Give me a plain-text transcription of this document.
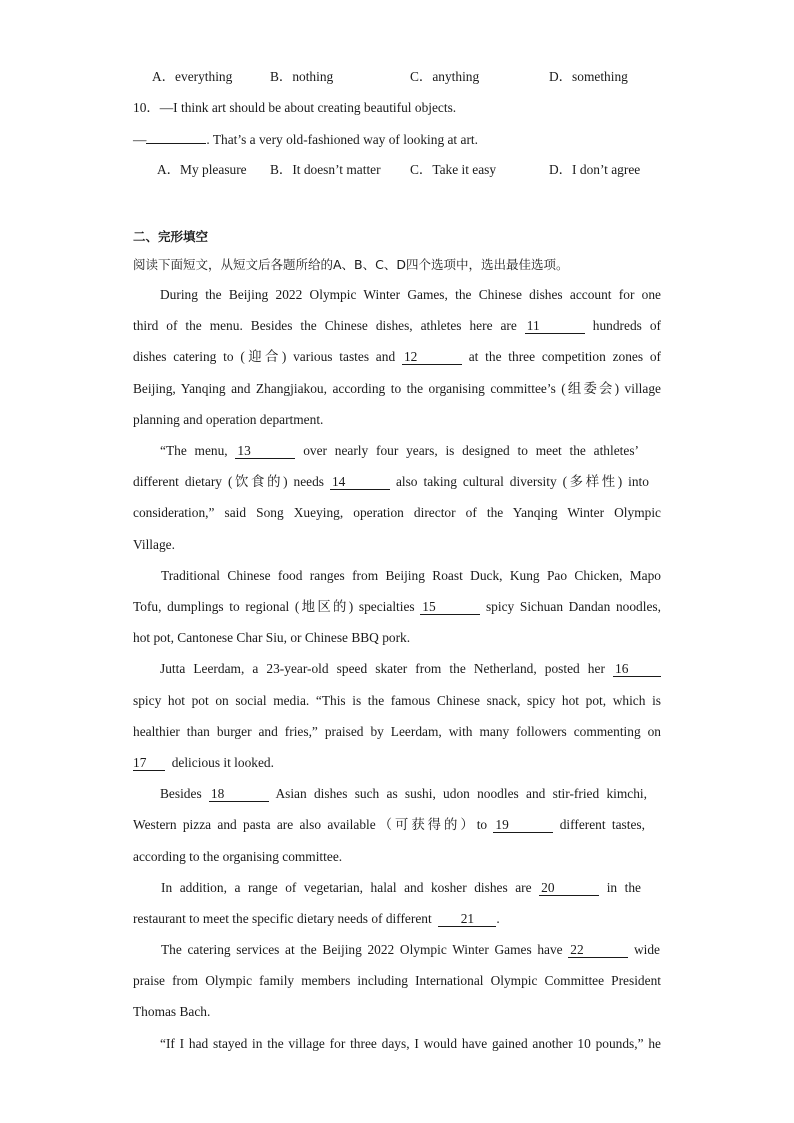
A．everything	B．nothing	C．anything	D．something
10．—I think art should be about creating beautiful objects.
—	. That’s a very old-fashioned way of looking at art.
A．My pleasure B．It doesn’t matter C．Take it easy	D．I don’t agree
二、完形填空
阅读下面短文，从短文后各题所给的A、B、C、D四个选项中，选出最佳选项。
During the Beijing 2022 Olympic Winter Games, the Chinese dishes account for one
third of the menu. Besides the Chinese dishes, athletes here are 11	hundreds of
dishes catering to (迎合) various tastes and 12	at the three competition zones of
Beijing, Yanqing and Zhangjiakou, according to the organising committee’s (组委会) village
planning and operation department.
“The menu, 13	over nearly four years, is designed to meet the athletes’
different dietary (饮食的) needs 14	also taking cultural diversity (多样性) into
consideration,” said Song Xueying, operation director of the Yanqing Winter Olympic
Village.
Traditional Chinese food ranges from Beijing Roast Duck, Kung Pao Chicken, Mapo
Tofu, dumplings to regional (地区的) specialties 15	spicy Sichuan Dandan noodles,
hot pot, Cantonese Char Siu, or Chinese BBQ pork.
Jutta Leerdam, a 23-year-old speed skater from the Netherland, posted her 16
spicy hot pot on social media. “This is the famous Chinese snack, spicy hot pot, which is
healthier than burger and fries,” praised by Leerdam, with many followers commenting on
17 delicious it looked.
Besides 18	Asian dishes such as sushi, udon noodles and stir-fried kimchi,
Western pizza and pasta are also available（可获得的）to 19	different tastes,
according to the organising committee.
In addition, a range of vegetarian, halal and kosher dishes are 20	in the
restaurant to meet the specific dietary needs of different 21 .
The catering services at the Beijing 2022 Olympic Winter Games have 22	wide
praise from Olympic family members including International Olympic Committee President
Thomas Bach.
“If I had stayed in the village for three days, I would have gained another 10 pounds,” he
